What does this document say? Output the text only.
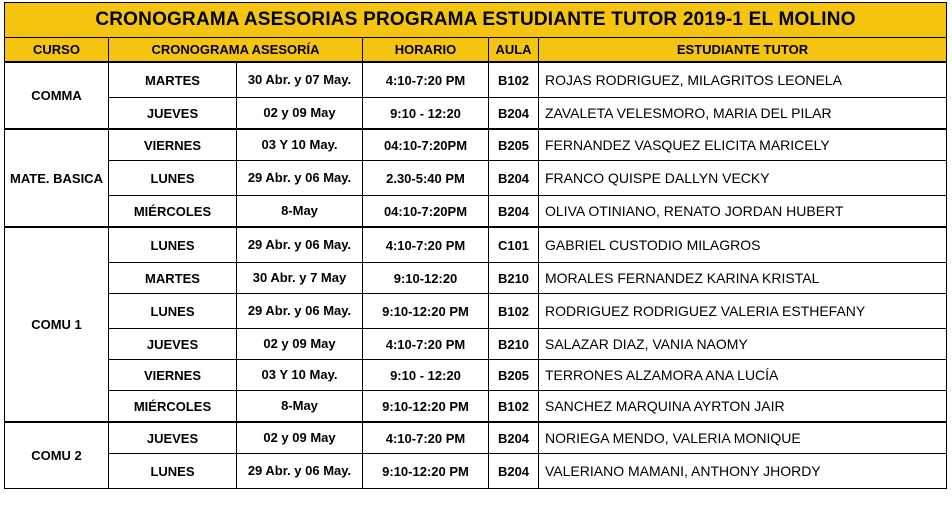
CRONOGRAMA ASESORIAS PROGRAMA ESTUDIANTE TUTOR 2019-1 EL MOLINO					
CURSO	CRONOGRAMA ASESORÍA		HORARIO	AULA	ESTUDIANTE TUTOR
COMMA	MARTES	30 Abr. y 07 May.	4:10-7:20 PM	B102	ROJAS RODRIGUEZ, MILAGRITOS LEONELA
	JUEVES	02 y 09 May	9:10 - 12:20	B204	ZAVALETA VELESMORO, MARIA DEL PILAR
MATE. BASICA	VIERNES	03 Y 10 May.	04:10-7:20PM	B205	FERNANDEZ VASQUEZ ELICITA MARICELY
	LUNES	29 Abr. y 06 May.	2.30-5:40 PM	B204	FRANCO QUISPE DALLYN VECKY
	MIÉRCOLES	8-May	04:10-7:20PM	B204	OLIVA OTINIANO, RENATO JORDAN HUBERT
COMU 1	LUNES	29 Abr. y 06 May.	4:10-7:20 PM	C101	GABRIEL CUSTODIO MILAGROS
	MARTES	30 Abr. y 7 May	9:10-12:20	B210	MORALES FERNANDEZ KARINA KRISTAL
	LUNES	29 Abr. y 06 May.	9:10-12:20 PM	B102	RODRIGUEZ RODRIGUEZ VALERIA ESTHEFANY
	JUEVES	02 y 09 May	4:10-7:20 PM	B210	SALAZAR DIAZ, VANIA NAOMY
	VIERNES	03 Y 10 May.	9:10 - 12:20	B205	TERRONES ALZAMORA ANA LUCÍA
	MIÉRCOLES	8-May	9:10-12:20 PM	B102	SANCHEZ MARQUINA AYRTON JAIR
COMU 2	JUEVES	02 y 09 May	4:10-7:20 PM	B204	NORIEGA MENDO, VALERIA MONIQUE
	LUNES	29 Abr. y 06 May.	9:10-12:20 PM	B204	VALERIANO MAMANI, ANTHONY JHORDY
